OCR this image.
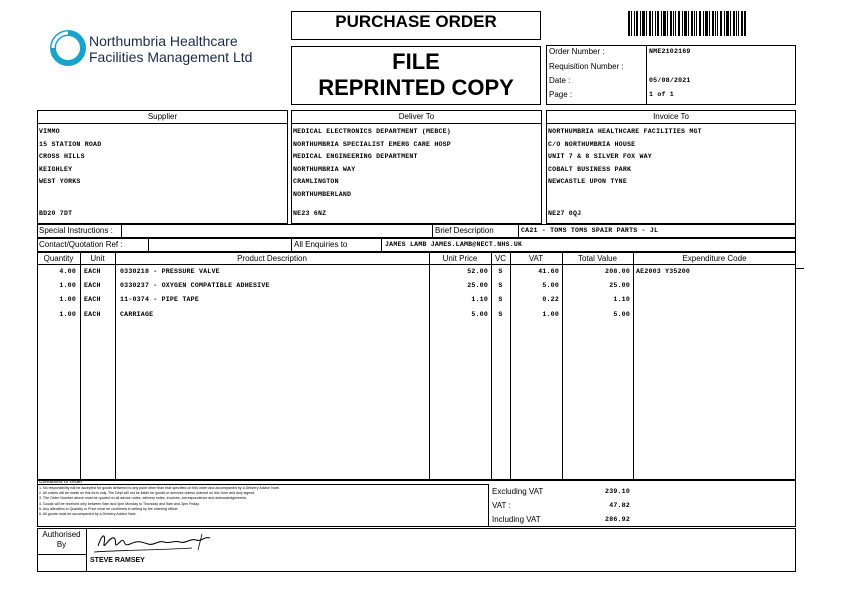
Northumbria Healthcare
Facilities Management Ltd
PURCHASE ORDER
FILE
REPRINTED COPY
Order Number :	NME2102169
Requisition Number :
Date :	05/08/2021
Page :	1 of 1
Supplier
VIMMO
15 STATION ROAD
CROSS HILLS
KEIGHLEY
WEST YORKS
BD20 7DT
Deliver To
MEDICAL ELECTRONICS DEPARTMENT (MEBCE)
NORTHUMBRIA SPECIALIST EMERG CARE HOSP
MEDICAL ENGINEERING DEPARTMENT
NORTHUMBRIA WAY
CRAMLINGTON
NORTHUMBERLAND
NE23 6NZ
Invoice To
NORTHUMBRIA HEALTHCARE FACILITIES MGT
C/O NORTHUMBRIA HOUSE
UNIT 7 & 8 SILVER FOX WAY
COBALT BUSINESS PARK
NEWCASTLE UPON TYNE
NE27 0QJ
Special Instructions :	Brief Description	CA21 - TOMS TOMS SPAIR PARTS - JL
Contact/Quotation Ref :	All Enquiries to	JAMES LAMB JAMES.LAMB@NECT.NHS.UK
Quantity	Unit	Product Description	Unit Price	VC	VAT	Total Value	Expenditure Code
4.00 EACH	0330218 - PRESSURE VALVE	52.00	S	41.60	208.00 AE2003 Y35200
1.00 EACH	0330237 - OXYGEN COMPATIBLE ADHESIVE	25.00	S	5.00	25.00
1.00 EACH	11-0374 - PIPE TAPE	1.10	S	0.22	1.10
1.00 EACH	CARRIAGE	5.00	S	1.00	5.00
Conditions of Order
1. No responsibility will be accepted for goods delivered to any point other than that specified on this order and accompanied by a Delivery Advice Note.
2. All orders will be made on this form only. The Dept will not be liable for goods or services unless ordered on this form and duly signed.
3. The Order Number above must be quoted on all advice notes, delivery notes, invoices, correspondence and acknowledgements.
4. Goods will be received only between 9am and 4pm Monday to Thursday and 9am and 3pm Friday.
5. Any alteration in Quantity or Price must be confirmed in writing by the ordering officer.
6. All goods must be accompanied by a Delivery Advice Note.
Excluding VAT	239.10
VAT :	47.82
Including VAT	286.92
Authorised
By
STEVE RAMSEY
